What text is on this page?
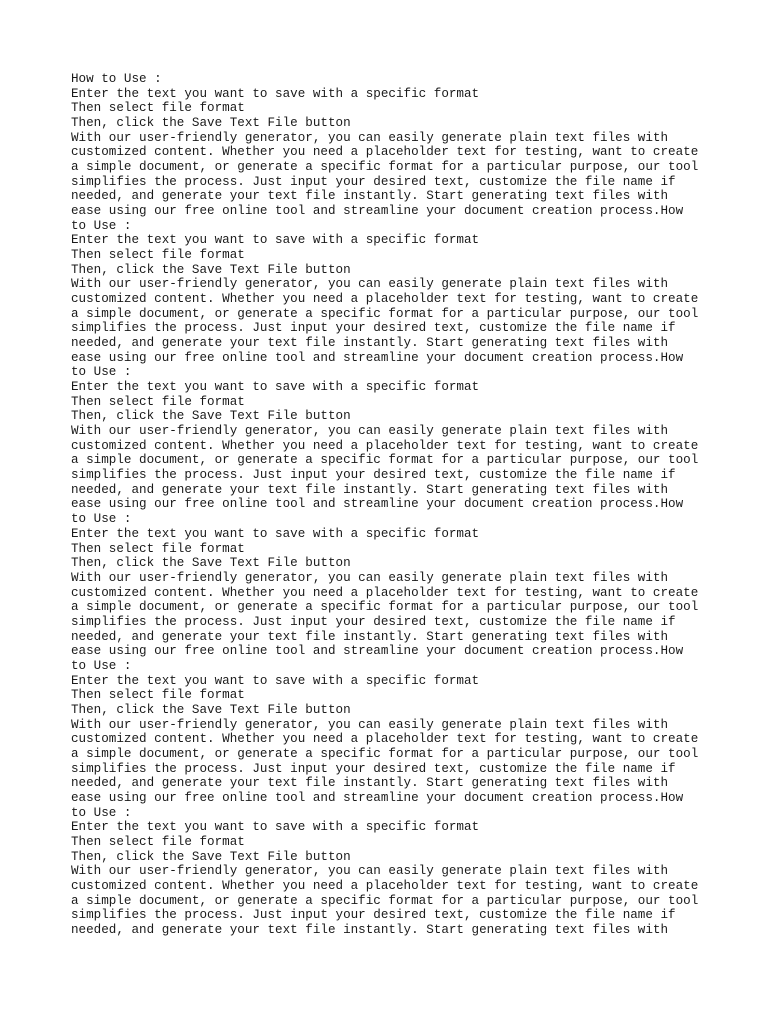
How to Use :
Enter the text you want to save with a specific format
Then select file format
Then, click the Save Text File button
With our user-friendly generator, you can easily generate plain text files with
customized content. Whether you need a placeholder text for testing, want to create
a simple document, or generate a specific format for a particular purpose, our tool
simplifies the process. Just input your desired text, customize the file name if
needed, and generate your text file instantly. Start generating text files with
ease using our free online tool and streamline your document creation process.How
to Use :
Enter the text you want to save with a specific format
Then select file format
Then, click the Save Text File button
With our user-friendly generator, you can easily generate plain text files with
customized content. Whether you need a placeholder text for testing, want to create
a simple document, or generate a specific format for a particular purpose, our tool
simplifies the process. Just input your desired text, customize the file name if
needed, and generate your text file instantly. Start generating text files with
ease using our free online tool and streamline your document creation process.How
to Use :
Enter the text you want to save with a specific format
Then select file format
Then, click the Save Text File button
With our user-friendly generator, you can easily generate plain text files with
customized content. Whether you need a placeholder text for testing, want to create
a simple document, or generate a specific format for a particular purpose, our tool
simplifies the process. Just input your desired text, customize the file name if
needed, and generate your text file instantly. Start generating text files with
ease using our free online tool and streamline your document creation process.How
to Use :
Enter the text you want to save with a specific format
Then select file format
Then, click the Save Text File button
With our user-friendly generator, you can easily generate plain text files with
customized content. Whether you need a placeholder text for testing, want to create
a simple document, or generate a specific format for a particular purpose, our tool
simplifies the process. Just input your desired text, customize the file name if
needed, and generate your text file instantly. Start generating text files with
ease using our free online tool and streamline your document creation process.How
to Use :
Enter the text you want to save with a specific format
Then select file format
Then, click the Save Text File button
With our user-friendly generator, you can easily generate plain text files with
customized content. Whether you need a placeholder text for testing, want to create
a simple document, or generate a specific format for a particular purpose, our tool
simplifies the process. Just input your desired text, customize the file name if
needed, and generate your text file instantly. Start generating text files with
ease using our free online tool and streamline your document creation process.How
to Use :
Enter the text you want to save with a specific format
Then select file format
Then, click the Save Text File button
With our user-friendly generator, you can easily generate plain text files with
customized content. Whether you need a placeholder text for testing, want to create
a simple document, or generate a specific format for a particular purpose, our tool
simplifies the process. Just input your desired text, customize the file name if
needed, and generate your text file instantly. Start generating text files with
